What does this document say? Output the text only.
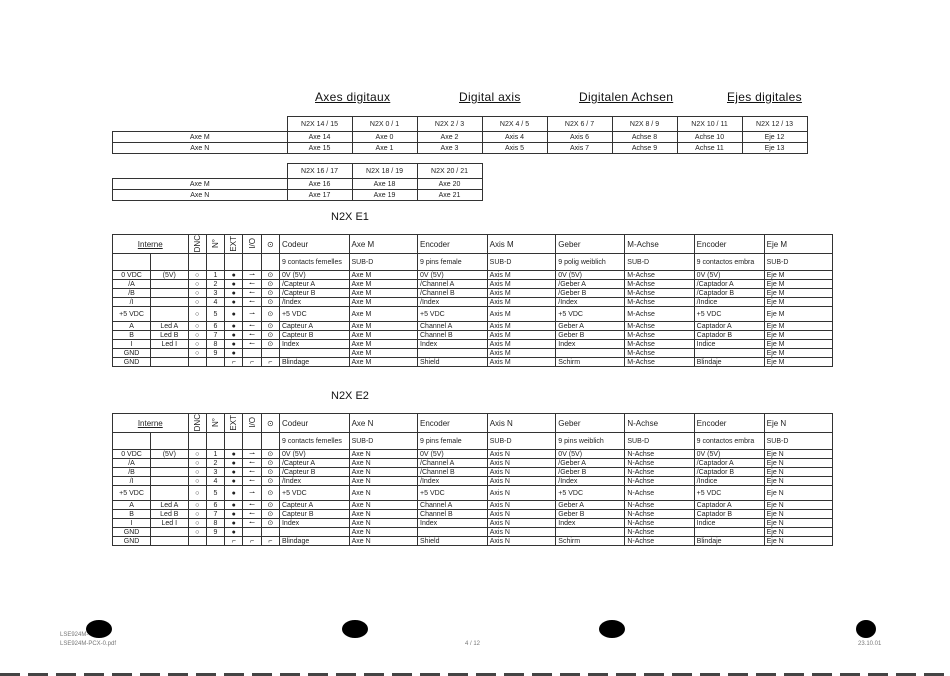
Axes digitaux	Digital axis	Digitalen Achsen	Ejes digitales
	N2X 14 / 15	N2X 0 / 1	N2X 2 / 3	N2X 4 / 5	N2X 6 / 7	N2X 8 / 9	N2X 10 / 11	N2X 12 / 13
Axe M	Axe 14	Axe 0	Axe 2	Axis 4	Axis 6	Achse 8	Achse 10	Eje 12
Axe N	Axe 15	Axe 1	Axe 3	Axis 5	Axis 7	Achse 9	Achse 11	Eje 13
	N2X 16 / 17	N2X 18 / 19	N2X 20 / 21
Axe M	Axe 16	Axe 18	Axe 20
Axe N	Axe 17	Axe 19	Axe 21
N2X E1
Interne		DNC	N°	EXT	I/O	⊙	Codeur	Axe M	Encoder	Axis M	Geber	M-Achse	Encoder	Eje M
							9 contacts femelles	SUB-D	9 pins female	SUB-D	9 polig weiblich	SUB-D	9 contactos embra	SUB-D
0 VDC	(5V)	○	1	●	⇀	⊙	0V (5V)	Axe M	0V (5V)	Axis M	0V (5V)	M-Achse	0V (5V)	Eje M
/A		○	2	●	↼	⊙	/Capteur A	Axe M	/Channel A	Axis M	/Geber A	M-Achse	/Captador A	Eje M
/B		○	3	●	↼	⊙	/Capteur B	Axe M	/Channel B	Axis M	/Geber B	M-Achse	/Captador B	Eje M
/I		○	4	●	↼	⊙	/Index	Axe M	/Index	Axis M	/Index	M-Achse	/Indice	Eje M
+5 VDC		○	5	●	⇀	⊙	+5 VDC	Axe M	+5 VDC	Axis M	+5 VDC	M-Achse	+5 VDC	Eje M
A	Led A	○	6	●	↼	⊙	Capteur A	Axe M	Channel A	Axis M	Geber A	M-Achse	Captador A	Eje M
B	Led B	○	7	●	↼	⊙	Capteur B	Axe M	Channel B	Axis M	Geber B	M-Achse	Captador B	Eje M
I	Led I	○	8	●	↼	⊙	Index	Axe M	Index	Axis M	Index	M-Achse	Indice	Eje M
GND		○	9	●				Axe M		Axis M		M-Achse		Eje M
GND				⌐	⌐	⌐	Blindage	Axe M	Shield	Axis M	Schirm	M-Achse	Blindaje	Eje M
N2X E2
Interne		DNC	N°	EXT	I/O	⊙	Codeur	Axe N	Encoder	Axis N	Geber	N-Achse	Encoder	Eje N
							9 contacts femelles	SUB-D	9 pins female	SUB-D	9 pins weiblich	SUB-D	9 contactos embra	SUB-D
0 VDC	(5V)	○	1	●	⇀	⊙	0V (5V)	Axe N	0V (5V)	Axis N	0V (5V)	N-Achse	0V (5V)	Eje N
/A		○	2	●	↼	⊙	/Capteur A	Axe N	/Channel A	Axis N	/Geber A	N-Achse	/Captador A	Eje N
/B		○	3	●	↼	⊙	/Capteur B	Axe N	/Channel B	Axis N	/Geber B	N-Achse	/Captador B	Eje N
/I		○	4	●	↼	⊙	/Index	Axe N	/Index	Axis N	/Index	N-Achse	/Indice	Eje N
+5 VDC		○	5	●	⇀	⊙	+5 VDC	Axe N	+5 VDC	Axis N	+5 VDC	N-Achse	+5 VDC	Eje N
A	Led A	○	6	●	↼	⊙	Capteur A	Axe N	Channel A	Axis N	Geber A	N-Achse	Captador A	Eje N
B	Led B	○	7	●	↼	⊙	Capteur B	Axe N	Channel B	Axis N	Geber B	N-Achse	Captador B	Eje N
I	Led I	○	8	●	↼	⊙	Index	Axe N	Index	Axis N	Index	N-Achse	Indice	Eje N
GND		○	9	●				Axe N		Axis N		N-Achse		Eje N
GND				⌐	⌐	⌐	Blindage	Axe N	Shield	Axis N	Schirm	N-Achse	Blindaje	Eje N
LSE924M-
LSE924M-PCX-0.pdf	4 / 12	23.10.01
